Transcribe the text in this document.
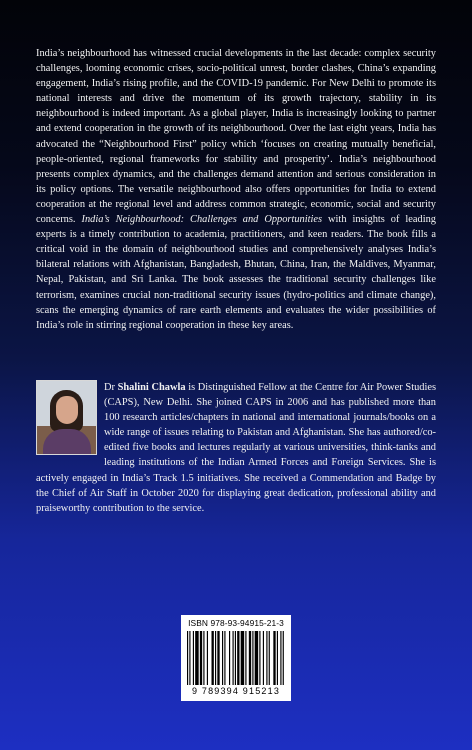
India’s neighbourhood has witnessed crucial developments in the last decade: complex security challenges, looming economic crises, socio-political unrest, border clashes, China’s expanding engagement, India’s rising profile, and the COVID-19 pandemic. For New Delhi to promote its national interests and drive the momentum of its growth trajectory, stability in its neighbourhood is indeed important. As a global player, India is increasingly looking to partner and extend cooperation in the growth of its neighbourhood. Over the last eight years, India has advocated the “Neighbourhood First” policy which ‘focuses on creating mutually beneficial, people-oriented, regional frameworks for stability and prosperity’. India’s neighbourhood presents complex dynamics, and the challenges demand attention and serious consideration in its policy options. The versatile neighbourhood also offers opportunities for India to extend cooperation at the regional level and address common strategic, economic, social and security concerns. India’s Neighbourhood: Challenges and Opportunities with insights of leading experts is a timely contribution to academia, practitioners, and keen readers. The book fills a critical void in the domain of neighbourhood studies and comprehensively analyses India’s bilateral relations with Afghanistan, Bangladesh, Bhutan, China, Iran, the Maldives, Myanmar, Nepal, Pakistan, and Sri Lanka. The book assesses the traditional security challenges like terrorism, examines crucial non-traditional security issues (hydro-politics and climate change), scans the emerging dynamics of rare earth elements and evaluates the wider possibilities of India’s role in stirring regional cooperation in these key areas.

Dr Shalini Chawla is Distinguished Fellow at the Centre for Air Power Studies (CAPS), New Delhi. She joined CAPS in 2006 and has published more than 100 research articles/chapters in national and international journals/books on a wide range of issues relating to Pakistan and Afghanistan. She has authored/co-edited five books and lectures regularly at various universities, think-tanks and leading institutions of the Indian Armed Forces and Foreign Services. She is actively engaged in India’s Track 1.5 initiatives. She received a Commendation and Badge by the Chief of Air Staff in October 2020 for displaying great dedication, professional ability and praiseworthy contribution to the service.

ISBN 978-93-94915-21-3
9 789394 915213
